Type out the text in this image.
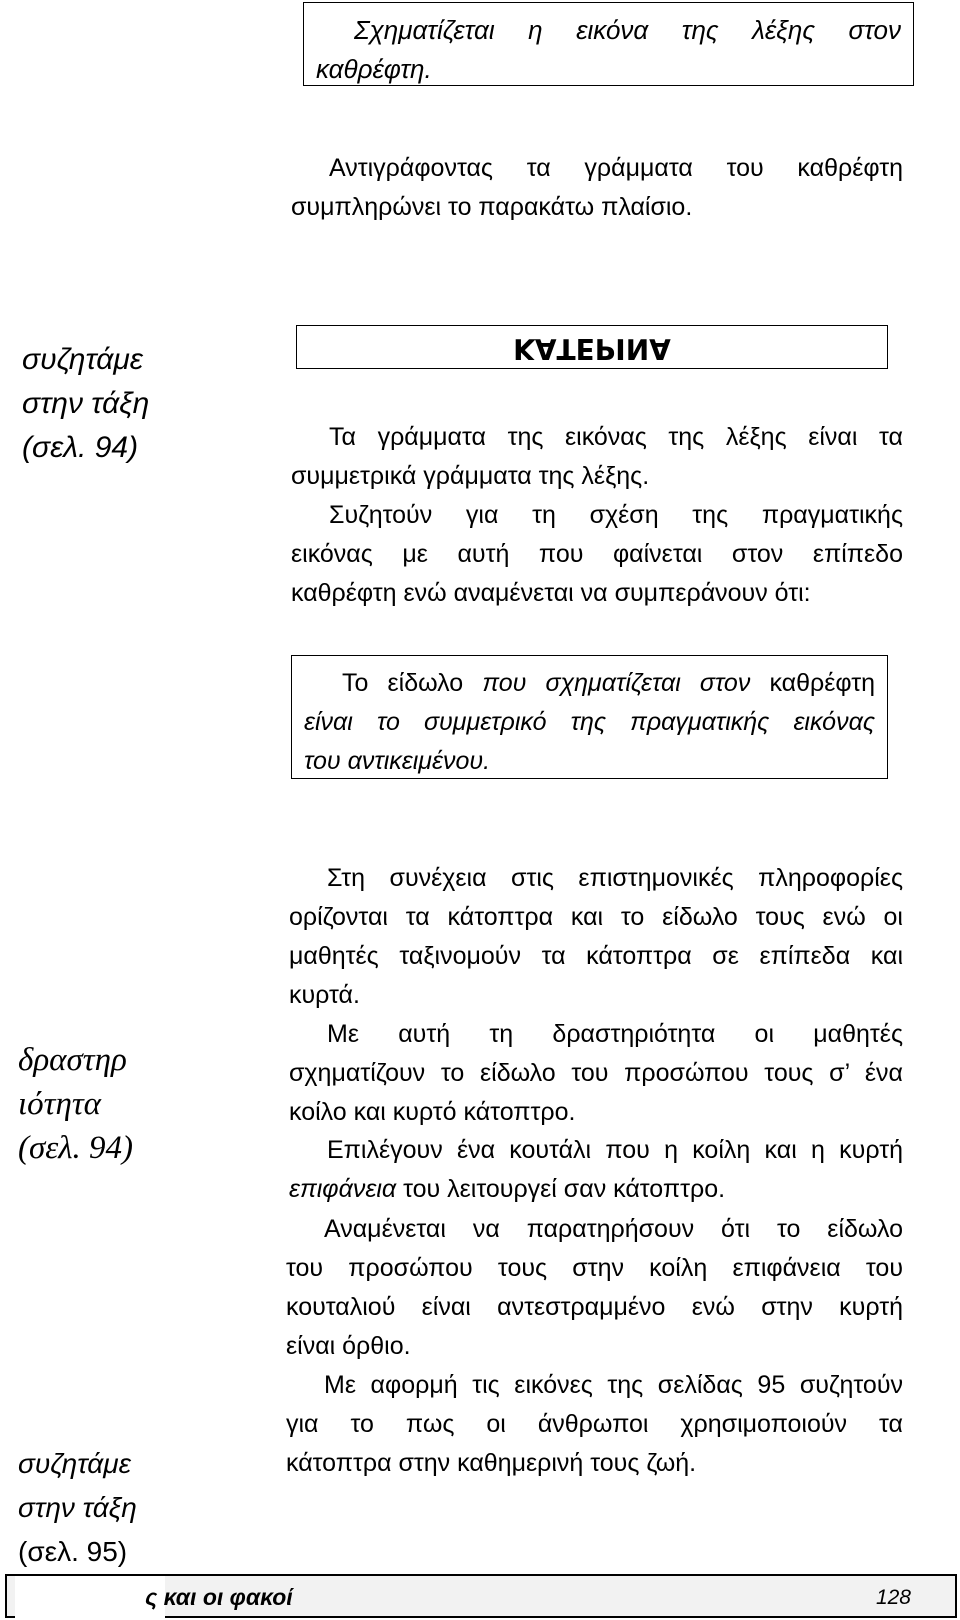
Σχηματίζεται η εικόνα της λέξης στον
καθρέφτη.
Αντιγράφοντας τα γράμματα του καθρέφτη
συμπληρώνει το παρακάτω πλαίσιο.
συζητάμε
στην τάξη
(σελ. 94)
ΚΑΤΕΡΙΝΑ
Τα γράμματα της εικόνας της λέξης είναι τα
συμμετρικά γράμματα της λέξης.
Συζητούν για τη σχέση της πραγματικής
εικόνας με αυτή που φαίνεται στον επίπεδο
καθρέφτη ενώ αναμένεται να συμπεράνουν ότι:
Το είδωλο που σχηματίζεται στον καθρέφτη
είναι το συμμετρικό της πραγματικής εικόνας
του αντικειμένου.
Στη συνέχεια στις επιστημονικές πληροφορίες
ορίζονται τα κάτοπτρα και το είδωλο τους ενώ οι
μαθητές ταξινομούν τα κάτοπτρα σε επίπεδα και
κυρτά.
δραστηρ
ιότητα
(σελ. 94)
Με αυτή τη δραστηριότητα οι μαθητές
σχηματίζουν το είδωλο του προσώπου τους σ’ ένα
κοίλο και κυρτό κάτοπτρο.
Επιλέγουν ένα κουτάλι που η κοίλη και η κυρτή
επιφάνεια του λειτουργεί σαν κάτοπτρο.
Αναμένεται να παρατηρήσουν ότι το είδωλο
του προσώπου τους στην κοίλη επιφάνεια του
κουταλιού είναι αντεστραμμένο ενώ στην κυρτή
είναι όρθιο.
Με αφορμή τις εικόνες της σελίδας 95 συζητούν
για το πως οι άνθρωποι χρησιμοποιούν τα
κάτοπτρα στην καθημερινή τους ζωή.
συζητάμε
στην τάξη
(σελ. 95)
ς και οι φακοί	128
